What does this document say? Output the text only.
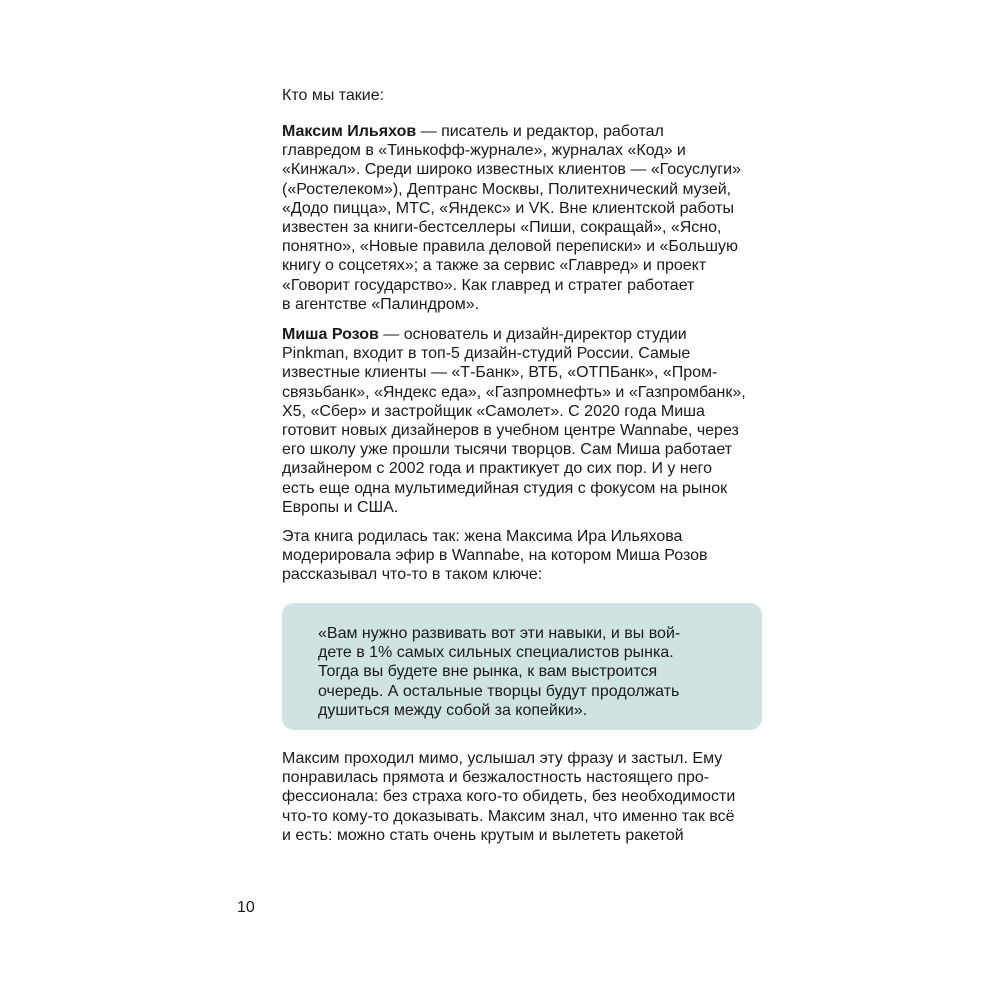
Кто мы такие:

Максим Ильяхов — писатель и редактор, работал
главредом в «Тинькофф-журнале», журналах «Код» и
«Кинжал». Среди широко известных клиентов — «Госуслуги»
(«Ростелеком»), Дептранс Москвы, Политехнический музей,
«Додо пицца», МТС, «Яндекс» и VK. Вне клиентской работы
известен за книги-бестселлеры «Пиши, сокращай», «Ясно,
понятно», «Новые правила деловой переписки» и «Большую
книгу о соцсетях»; а также за сервис «Главред» и проект
«Говорит государство». Как главред и стратег работает
в агентстве «Палиндром».
Миша Розов — основатель и дизайн-директор студии
Pinkman, входит в топ-5 дизайн-студий России. Самые
известные клиенты — «Т-Банк», ВТБ, «ОТПБанк», «Пром-
связьбанк», «Яндекс еда», «Газпромнефть» и «Газпромбанк»,
Х5, «Сбер» и застройщик «Самолет». С 2020 года Миша
готовит новых дизайнеров в учебном центре Wannabe, через
его школу уже прошли тысячи творцов. Сам Миша работает
дизайнером с 2002 года и практикует до сих пор. И у него
есть еще одна мультимедийная студия с фокусом на рынок
Европы и США.
Эта книга родилась так: жена Максима Ира Ильяхова
модерировала эфир в Wannabe, на котором Миша Розов
рассказывал что-то в таком ключе:
«Вам нужно развивать вот эти навыки, и вы вой-
дете в 1% самых сильных специалистов рынка.
Тогда вы будете вне рынка, к вам выстроится
очередь. А остальные творцы будут продолжать
душиться между собой за копейки».
Максим проходил мимо, услышал эту фразу и застыл. Ему
понравилась прямота и безжалостность настоящего про-
фессионала: без страха кого-то обидеть, без необходимости
что-то кому-то доказывать. Максим знал, что именно так всё
и есть: можно стать очень крутым и вылететь ракетой
10
